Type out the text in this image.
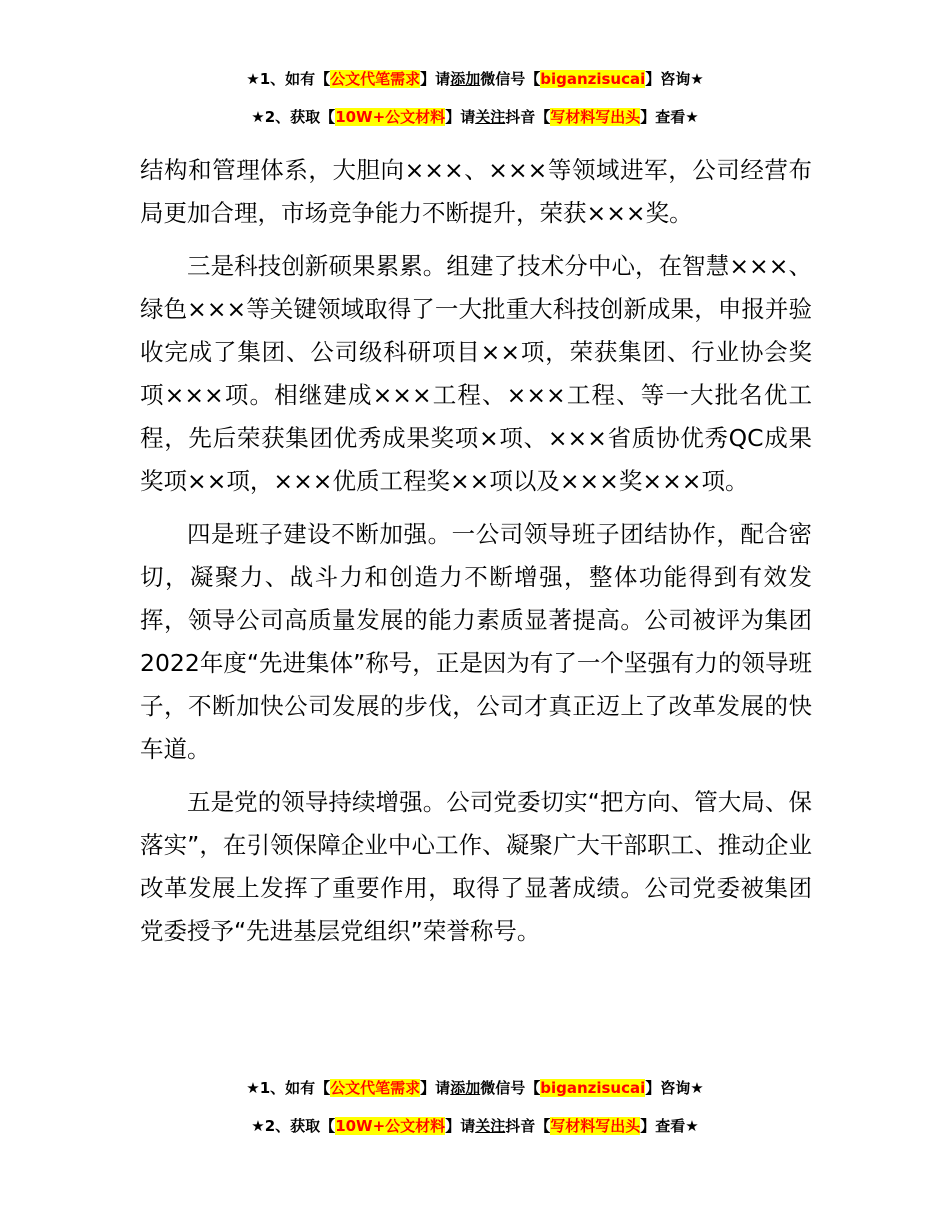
★1、如有【公文代笔需求】请添加微信号【biganzisucai】咨询★
★2、获取【10W+公文材料】请关注抖音【写材料写出头】查看★

结构和管理体系，大胆向×××、×××等领域进军，公司经营布局更加合理，市场竞争能力不断提升，荣获×××奖。

三是科技创新硕果累累。组建了技术分中心，在智慧×××、绿色×××等关键领域取得了一大批重大科技创新成果，申报并验收完成了集团、公司级科研项目××项，荣获集团、行业协会奖项×××项。相继建成×××工程、×××工程、等一大批名优工程，先后荣获集团优秀成果奖项×项、×××省质协优秀QC成果奖项××项，×××优质工程奖××项以及×××奖×××项。

四是班子建设不断加强。一公司领导班子团结协作，配合密切，凝聚力、战斗力和创造力不断增强，整体功能得到有效发挥，领导公司高质量发展的能力素质显著提高。公司被评为集团2022年度“先进集体”称号，正是因为有了一个坚强有力的领导班子，不断加快公司发展的步伐，公司才真正迈上了改革发展的快车道。

五是党的领导持续增强。公司党委切实“把方向、管大局、保落实”，在引领保障企业中心工作、凝聚广大干部职工、推动企业改革发展上发挥了重要作用，取得了显著成绩。公司党委被集团党委授予“先进基层党组织”荣誉称号。

★1、如有【公文代笔需求】请添加微信号【biganzisucai】咨询★
★2、获取【10W+公文材料】请关注抖音【写材料写出头】查看★
